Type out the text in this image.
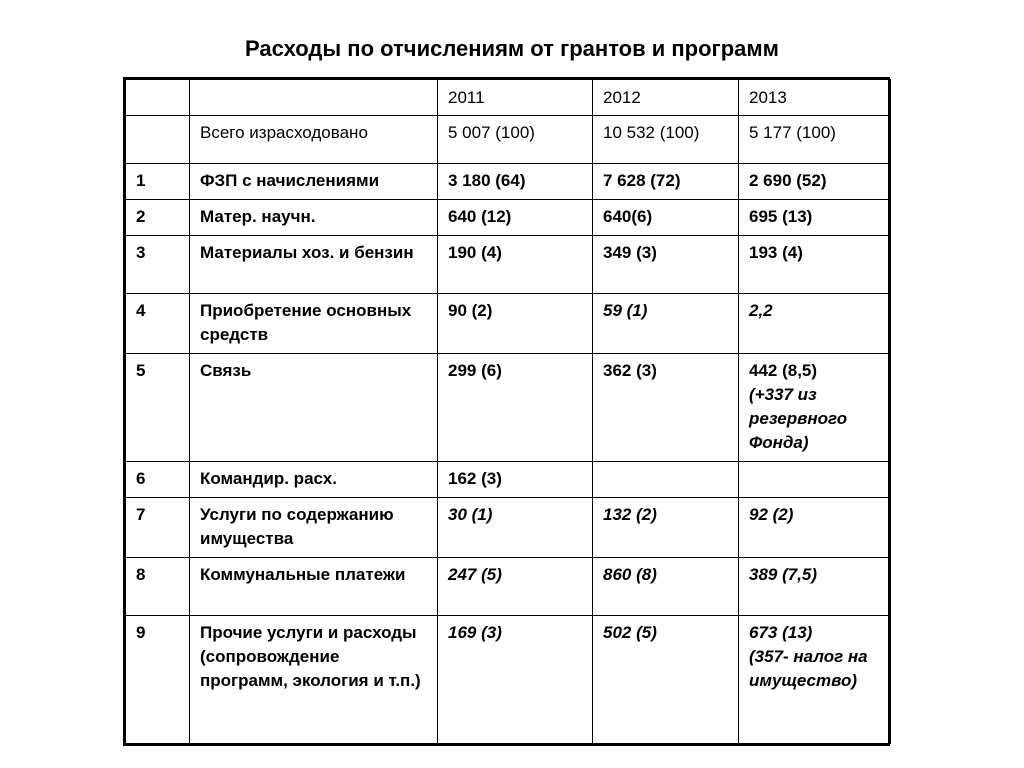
Расходы по отчислениям от грантов и программ
		2011	2012	2013
	Всего израсходовано	5 007 (100)	10 532 (100)	5 177 (100)
1	ФЗП с начислениями	3 180 (64)	7 628 (72)	2 690 (52)
2	Матер. научн.	640 (12)	640(6)	695 (13)
3	Материалы хоз. и бензин	190 (4)	349 (3)	193 (4)
4	Приобретение основных средств	90 (2)	59 (1)	2,2
5	Связь	299 (6)	362 (3)	442 (8,5)
(+337 из резервного Фонда)

6	Командир. расх.	162 (3)		
7	Услуги по содержанию имущества	30 (1)	132 (2)	92 (2)
8	Коммунальные платежи	247 (5)	860 (8)	389 (7,5)
9	Прочие услуги и расходы (сопровождение программ, экология и т.п.)	169 (3)	502 (5)	673 (13)
(357- налог на имущество)
